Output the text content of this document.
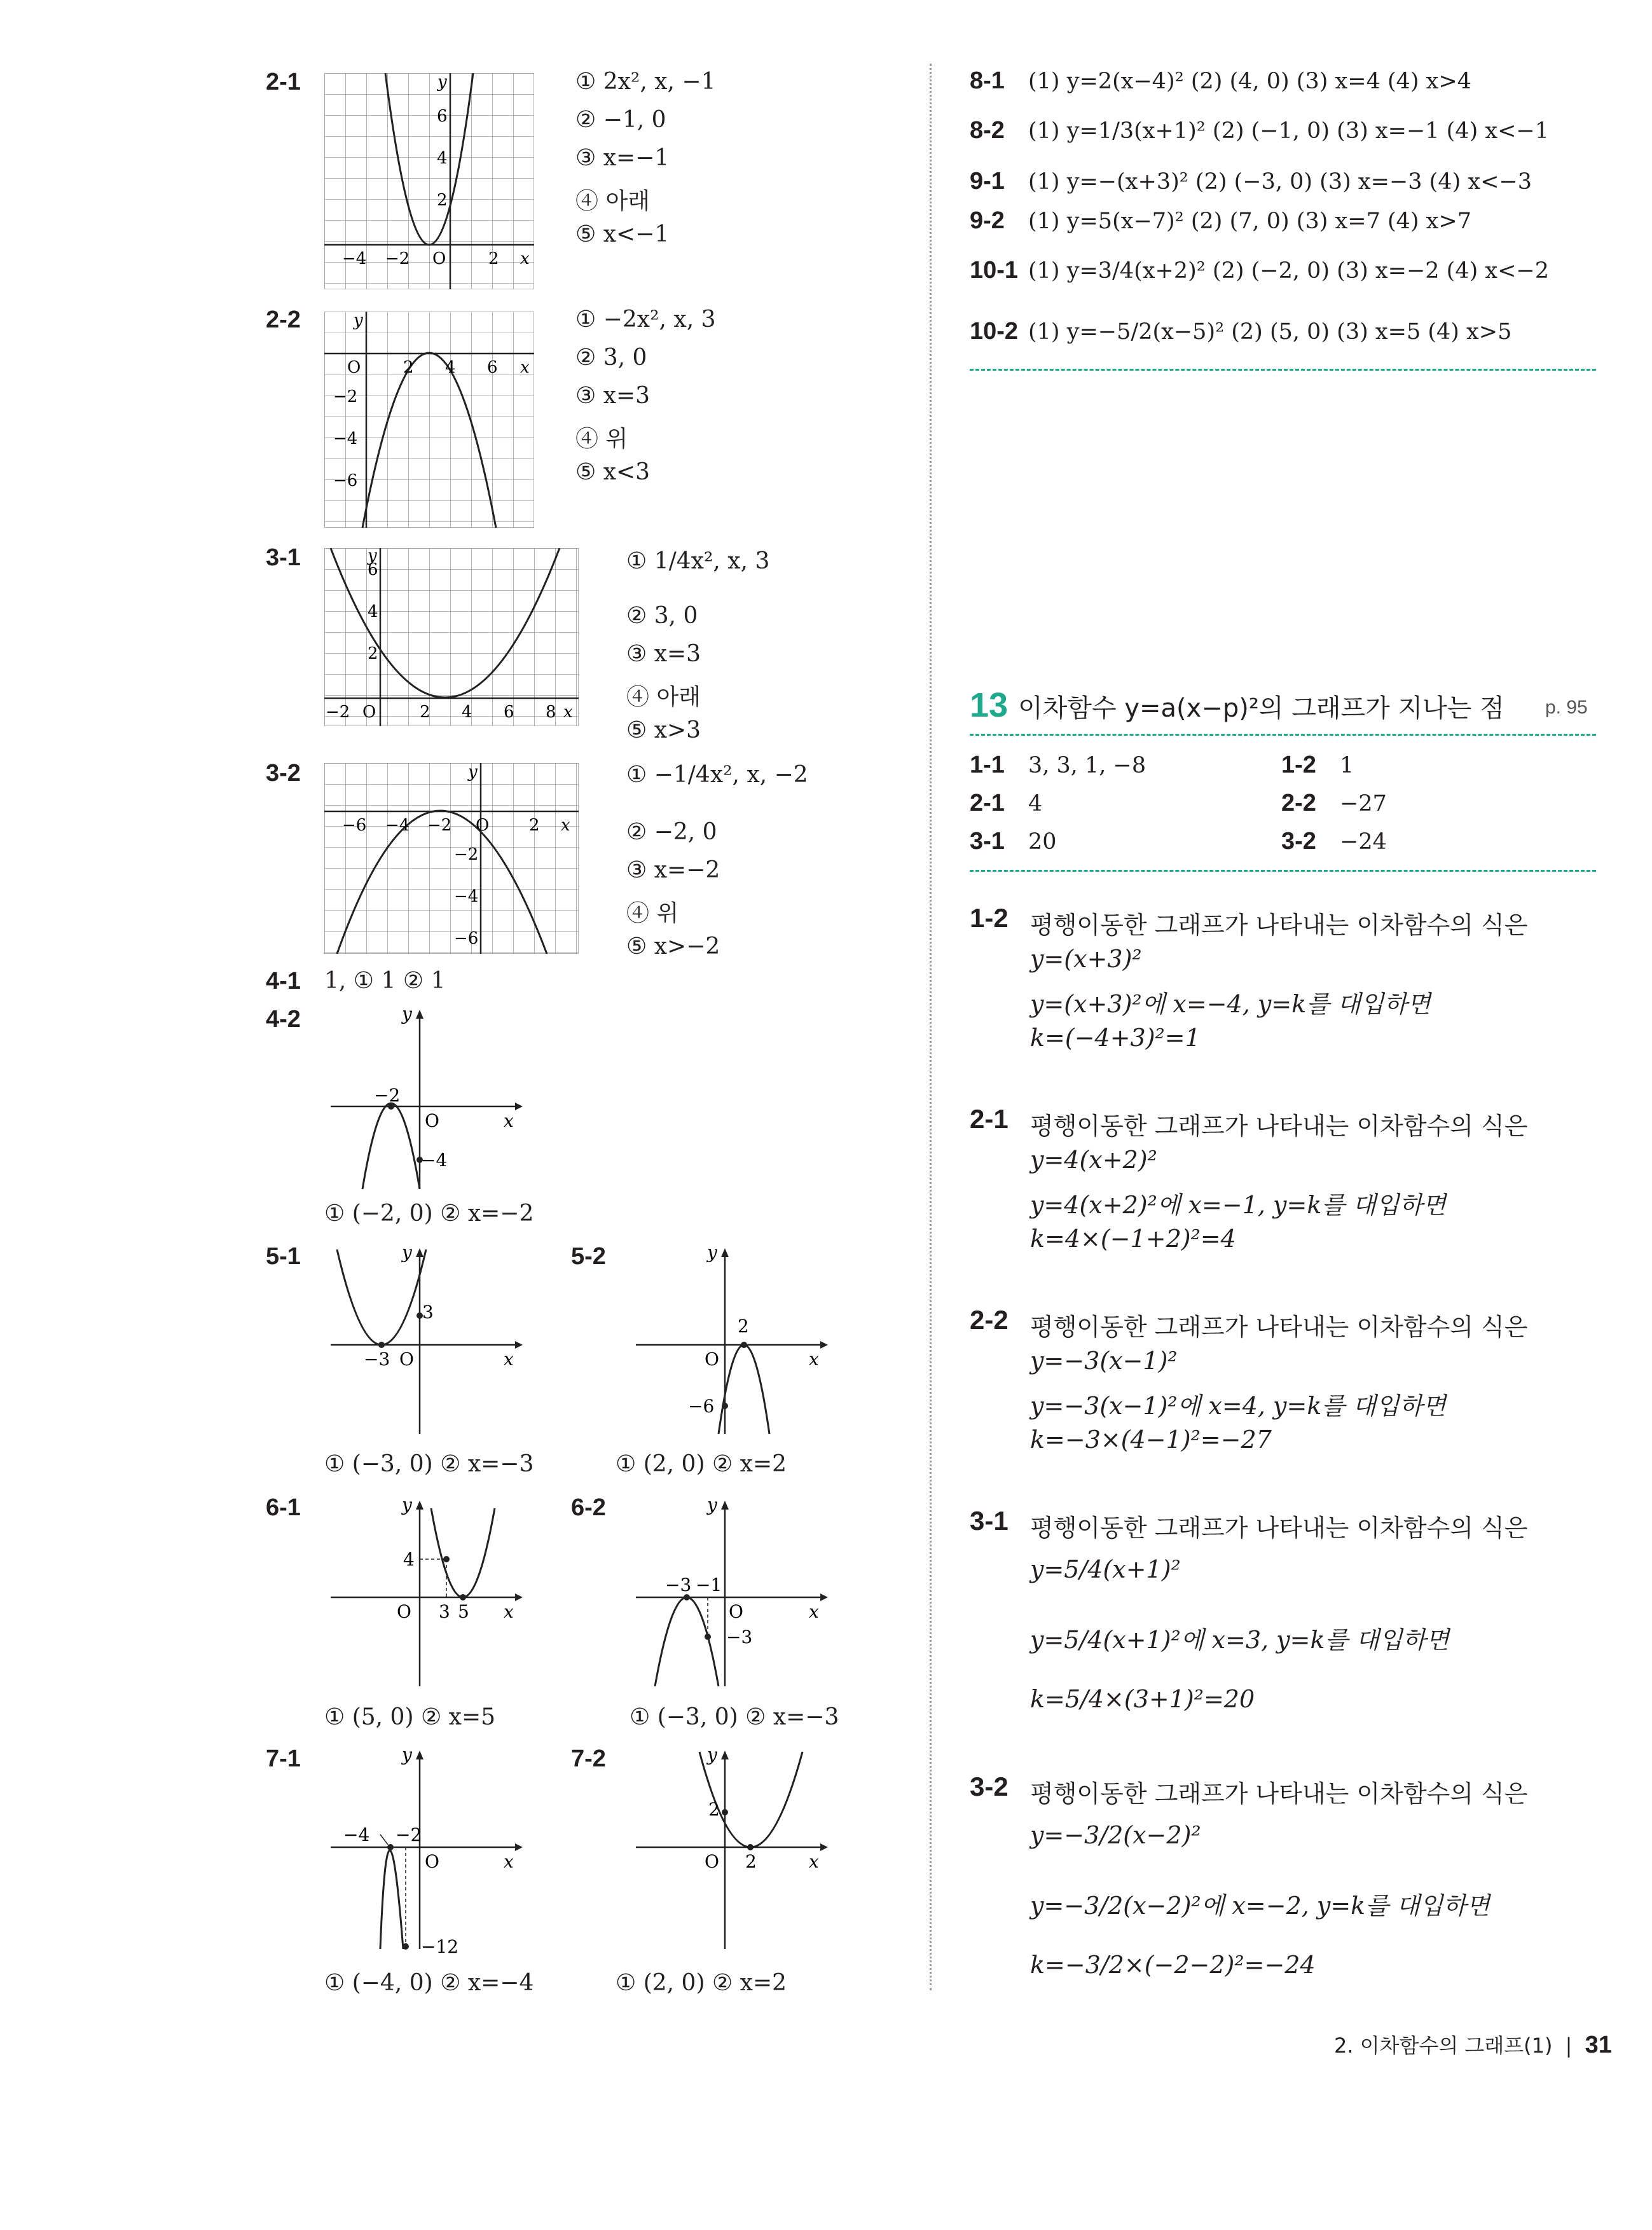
2-1
6
4
2
−4 −2 O	2 x
y	① 2x², x, −1
② −1, 0
③ x=−1
④ 아래
⑤ x<−1
2-2
O	2 4 6 x
y
−2
−4
−6
① −2x², x, 3
② 3, 0
③ x=3
④ 위
⑤ x<3
3-1	6
4
2
−2 O	2 4 6 8 x
y	① 1/4x², x, 3
② 3, 0
③ x=3
④ 아래
⑤ x>3
3-2
−6 −4 −2 O 2 x
y
−2
−4
−6
① −1/4x², x, −2
② −2, 0
③ x=−2
④ 위
⑤ x>−2
4-1 1, ① 1 ② 1
4-2
−2
O
−4
x
y
① (−2, 0) ② x=−2
5-1
3
−3 O	x
y
① (−3, 0) ② x=−3
5-2
2
O
−6
x
y
① (2, 0) ② x=2
6-1
4
O 3 5 x
y
① (5, 0) ② x=5
6-2
−3 −1
O
−3
x
y
① (−3, 0) ② x=−3
7-1
−4 −2
O
−12
x
y
① (−4, 0) ② x=−4
7-2
2
O 2	x
y
① (2, 0) ② x=2
8-1 (1) y=2(x−4)² (2) (4, 0) (3) x=4 (4) x>4
8-2 (1) y=1/3(x+1)² (2) (−1, 0) (3) x=−1 (4) x<−1
9-1 (1) y=−(x+3)² (2) (−3, 0) (3) x=−3 (4) x<−3
9-2 (1) y=5(x−7)² (2) (7, 0) (3) x=7 (4) x>7
10-1 (1) y=3/4(x+2)² (2) (−2, 0) (3) x=−2 (4) x<−2
10-2 (1) y=−5/2(x−5)² (2) (5, 0) (3) x=5 (4) x>5
13 이차함수 y=a(x−p)²의 그래프가 지나는 점 p. 95
1-1 3, 3, 1, −8	1-2 1
2-1 4	2-2 −27
3-1 20	3-2 −24
1-2 평행이동한 그래프가 나타내는 이차함수의 식은
y=(x+3)²
y=(x+3)²에 x=−4, y=k를 대입하면
k=(−4+3)²=1
2-1 평행이동한 그래프가 나타내는 이차함수의 식은
y=4(x+2)²
y=4(x+2)²에 x=−1, y=k를 대입하면
k=4×(−1+2)²=4
2-2 평행이동한 그래프가 나타내는 이차함수의 식은
y=−3(x−1)²
y=−3(x−1)²에 x=4, y=k를 대입하면
k=−3×(4−1)²=−27
3-1 평행이동한 그래프가 나타내는 이차함수의 식은
y=5/4(x+1)²
y=5/4(x+1)²에 x=3, y=k를 대입하면
k=5/4×(3+1)²=20
3-2 평행이동한 그래프가 나타내는 이차함수의 식은
y=−3/2(x−2)²
y=−3/2(x−2)²에 x=−2, y=k를 대입하면
k=−3/2×(−2−2)²=−24
2. 이차함수의 그래프(1) | 31
